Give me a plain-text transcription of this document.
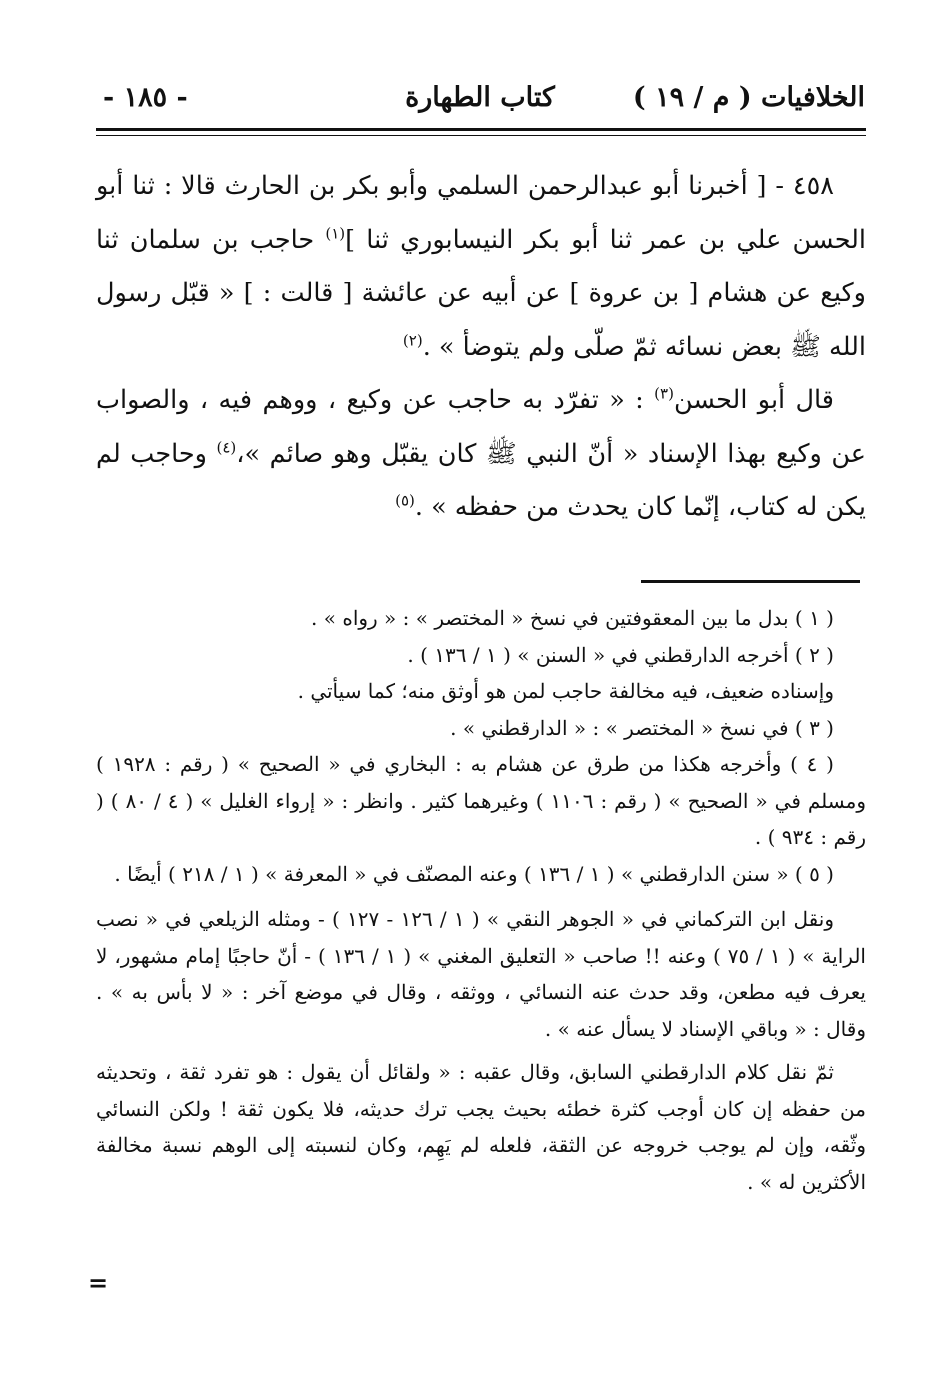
الخلافيات ( م / ١٩ )
كتاب الطهارة
- ١٨٥ -

٤٥٨ - [ أخبرنا أبو عبدالرحمن السلمي وأبو بكر بن الحارث قالا : ثنا أبو الحسن علي بن عمر ثنا أبو بكر النيسابوري ثنا ]$^{(١)}$ حاجب بن سلمان ثنا وكيع عن هشام [ بن عروة ] عن أبيه عن عائشة [ قالت : ] « قبّل رسول الله ﷺ بعض نسائه ثمّ صلّى ولم يتوضأ » .$^{(٢)}$

قال أبو الحسن$^{(٣)}$ : « تفرّد به حاجب عن وكيع ، ووهم فيه ، والصواب عن وكيع بهذا الإسناد « أنّ النبي ﷺ كان يقبّل وهو صائم »،$^{(٤)}$ وحاجب لم يكن له كتاب، إنّما كان يحدث من حفظه » .$^{(٥)}$

( ١ ) بدل ما بين المعقوفتين في نسخ « المختصر » : « رواه » .

( ٢ ) أخرجه الدارقطني في « السنن » ( ١ / ١٣٦ ) .

وإسناده ضعيف، فيه مخالفة حاجب لمن هو أوثق منه؛ كما سيأتي .

( ٣ ) في نسخ « المختصر » : « الدارقطني » .

( ٤ ) وأخرجه هكذا من طرق عن هشام به : البخاري في « الصحيح » ( رقم : ١٩٢٨ ) ومسلم في « الصحيح » ( رقم : ١١٠٦ ) وغيرهما كثير . وانظر : « إرواء الغليل » ( ٤ / ٨٠ ) ( رقم : ٩٣٤ ) .

( ٥ ) « سنن الدارقطني » ( ١ / ١٣٦ ) وعنه المصنّف في « المعرفة » ( ١ / ٢١٨ ) أيضًا .

ونقل ابن التركماني في « الجوهر النقي » ( ١ / ١٢٦ - ١٢٧ ) - ومثله الزيلعي في « نصب الراية » ( ١ / ٧٥ ) وعنه !! صاحب « التعليق المغني » ( ١ / ١٣٦ ) - أنّ حاجبًا إمام مشهور، لا يعرف فيه مطعن، وقد حدث عنه النسائي ، ووثقه ، وقال في موضع آخر : « لا بأس به » . وقال : « وباقي الإسناد لا يسأل عنه » .

ثمّ نقل كلام الدارقطني السابق، وقال عقبه : « ولقائل أن يقول : هو تفرد ثقة ، وتحديثه من حفظه إن كان أوجب كثرة خطئه بحيث يجب ترك حديثه، فلا يكون ثقة ! ولكن النسائي وثّقه، وإن لم يوجب خروجه عن الثقة، فلعله لم يَهِم، وكان لنسبته إلى الوهم نسبة مخالفة الأكثرين له » .

=
